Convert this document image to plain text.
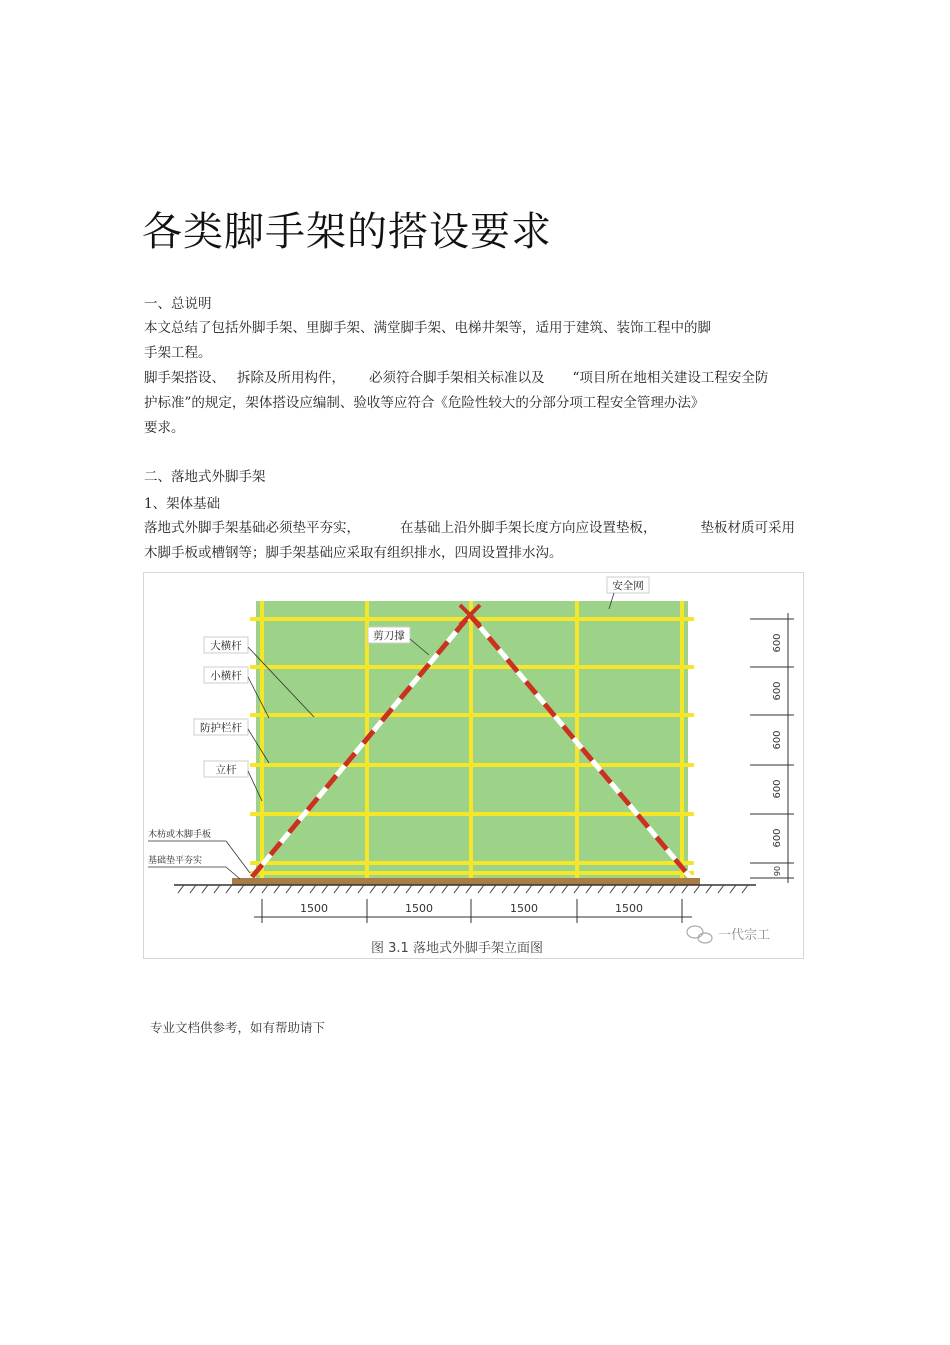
各类脚手架的搭设要求
一、总说明
本文总结了包括外脚手架、里脚手架、满堂脚手架、电梯井架等，适用于建筑、装饰工程中的脚
手架工程。
脚手架搭设、 拆除及所用构件， 必须符合脚手架相关标准以及 “项目所在地相关建设工程安全防
护标准”的规定，架体搭设应编制、验收等应符合《危险性较大的分部分项工程安全管理办法》
要求。
二、落地式外脚手架
1、架体基础
落地式外脚手架基础必须垫平夯实，	在基础上沿外脚手架长度方向应设置垫板，	垫板材质可采用
木脚手板或槽钢等；脚手架基础应采取有组织排水，四周设置排水沟。
安全网
剪刀撑
大横杆
小横杆
防护栏杆
立杆
木枋或木脚手板
基础垫平夯实
600
600
600
600
600
90
1500	1500	1500	1500
图 3.1 落地式外脚手架立面图
一代宗工
专业文档供参考，如有帮助请下
